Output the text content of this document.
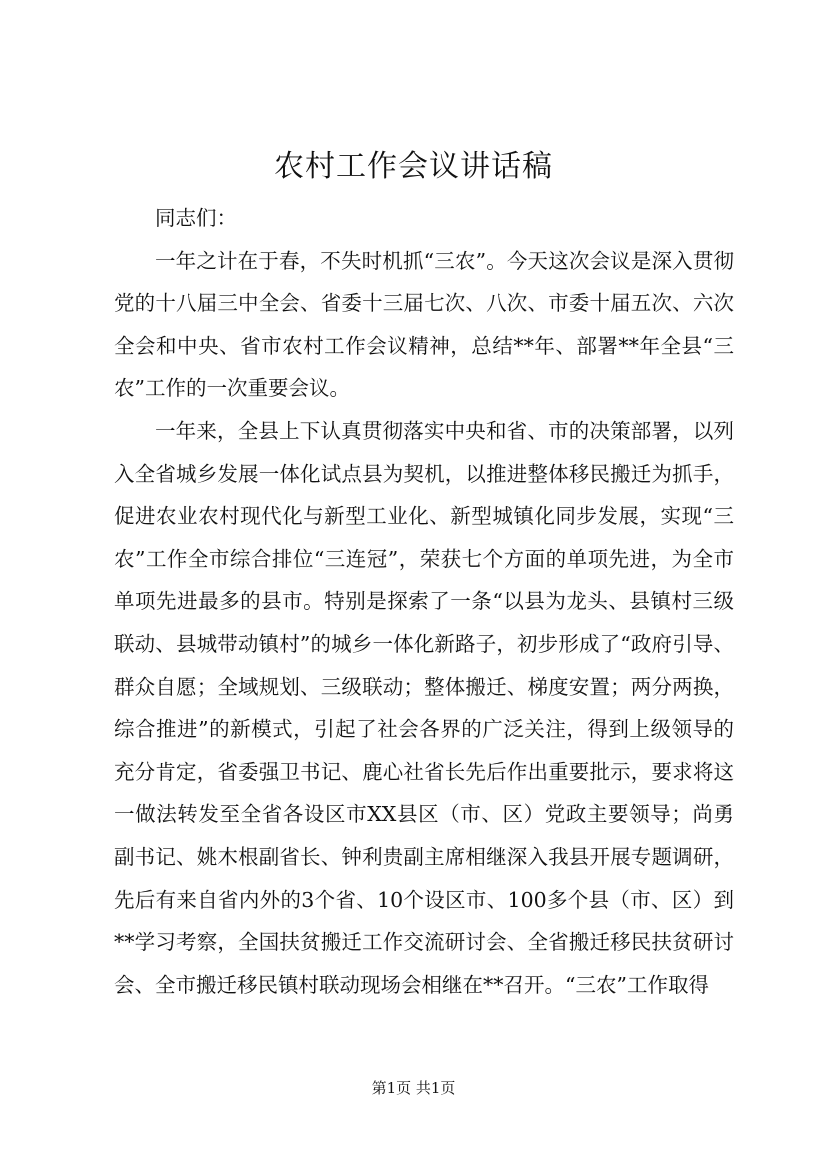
农村工作会议讲话稿

同志们：

一年之计在于春，不失时机抓“三农”。今天这次会议是深入贯彻党的十八届三中全会、省委十三届七次、八次、市委十届五次、六次全会和中央、省市农村工作会议精神，总结**年、部署**年全县“三农”工作的一次重要会议。

一年来，全县上下认真贯彻落实中央和省、市的决策部署，以列入全省城乡发展一体化试点县为契机，以推进整体移民搬迁为抓手，促进农业农村现代化与新型工业化、新型城镇化同步发展，实现“三农”工作全市综合排位“三连冠”，荣获七个方面的单项先进，为全市单项先进最多的县市。特别是探索了一条“以县为龙头、县镇村三级联动、县城带动镇村”的城乡一体化新路子，初步形成了“政府引导、群众自愿；全域规划、三级联动；整体搬迁、梯度安置；两分两换，综合推进”的新模式，引起了社会各界的广泛关注，得到上级领导的充分肯定，省委强卫书记、鹿心社省长先后作出重要批示，要求将这一做法转发至全省各设区市XX县区（市、区）党政主要领导；尚勇副书记、姚木根副省长、钟利贵副主席相继深入我县开展专题调研，先后有来自省内外的3个省、10个设区市、100多个县（市、区）到**学习考察，全国扶贫搬迁工作交流研讨会、全省搬迁移民扶贫研讨会、全市搬迁移民镇村联动现场会相继在**召开。“三农”工作取得

第1页 共1页
